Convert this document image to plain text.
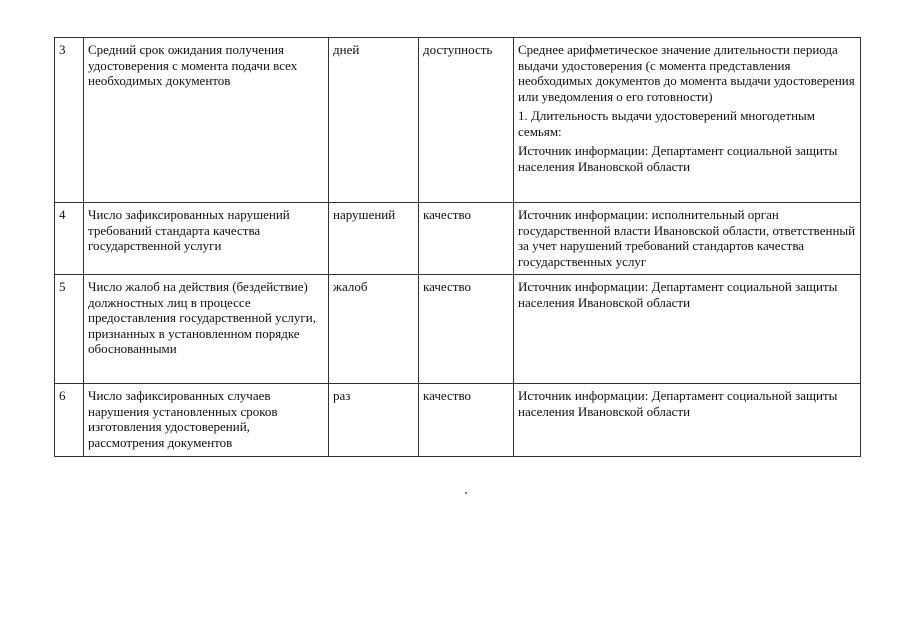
3	Средний срок ожидания получения удостоверения с момента подачи всех необходимых документов	дней	доступность	Среднее арифметическое значение длительности периода выдачи удостоверения (с момента представления необходимых документов до момента выдачи удостоверения или уведомления о его готовности)

1. Длительность выдачи удостоверений многодетным семьям:

Источник информации: Департамент социальной защиты населения Ивановской области

4	Число зафиксированных нарушений требований стандарта качества государственной услуги	нарушений	качество	Источник информации: исполнительный орган государственной власти Ивановской области, ответственный за учет нарушений требований стандартов качества государственных услуг

5	Число жалоб на действия (бездействие) должностных лиц в процессе предоставления государственной услуги, признанных в установленном порядке обоснованными	жалоб	качество	Источник информации: Департамент социальной защиты населения Ивановской области

6	Число зафиксированных случаев нарушения установленных сроков изготовления удостоверений, рассмотрения документов	раз	качество	Источник информации: Департамент социальной защиты населения Ивановской области
